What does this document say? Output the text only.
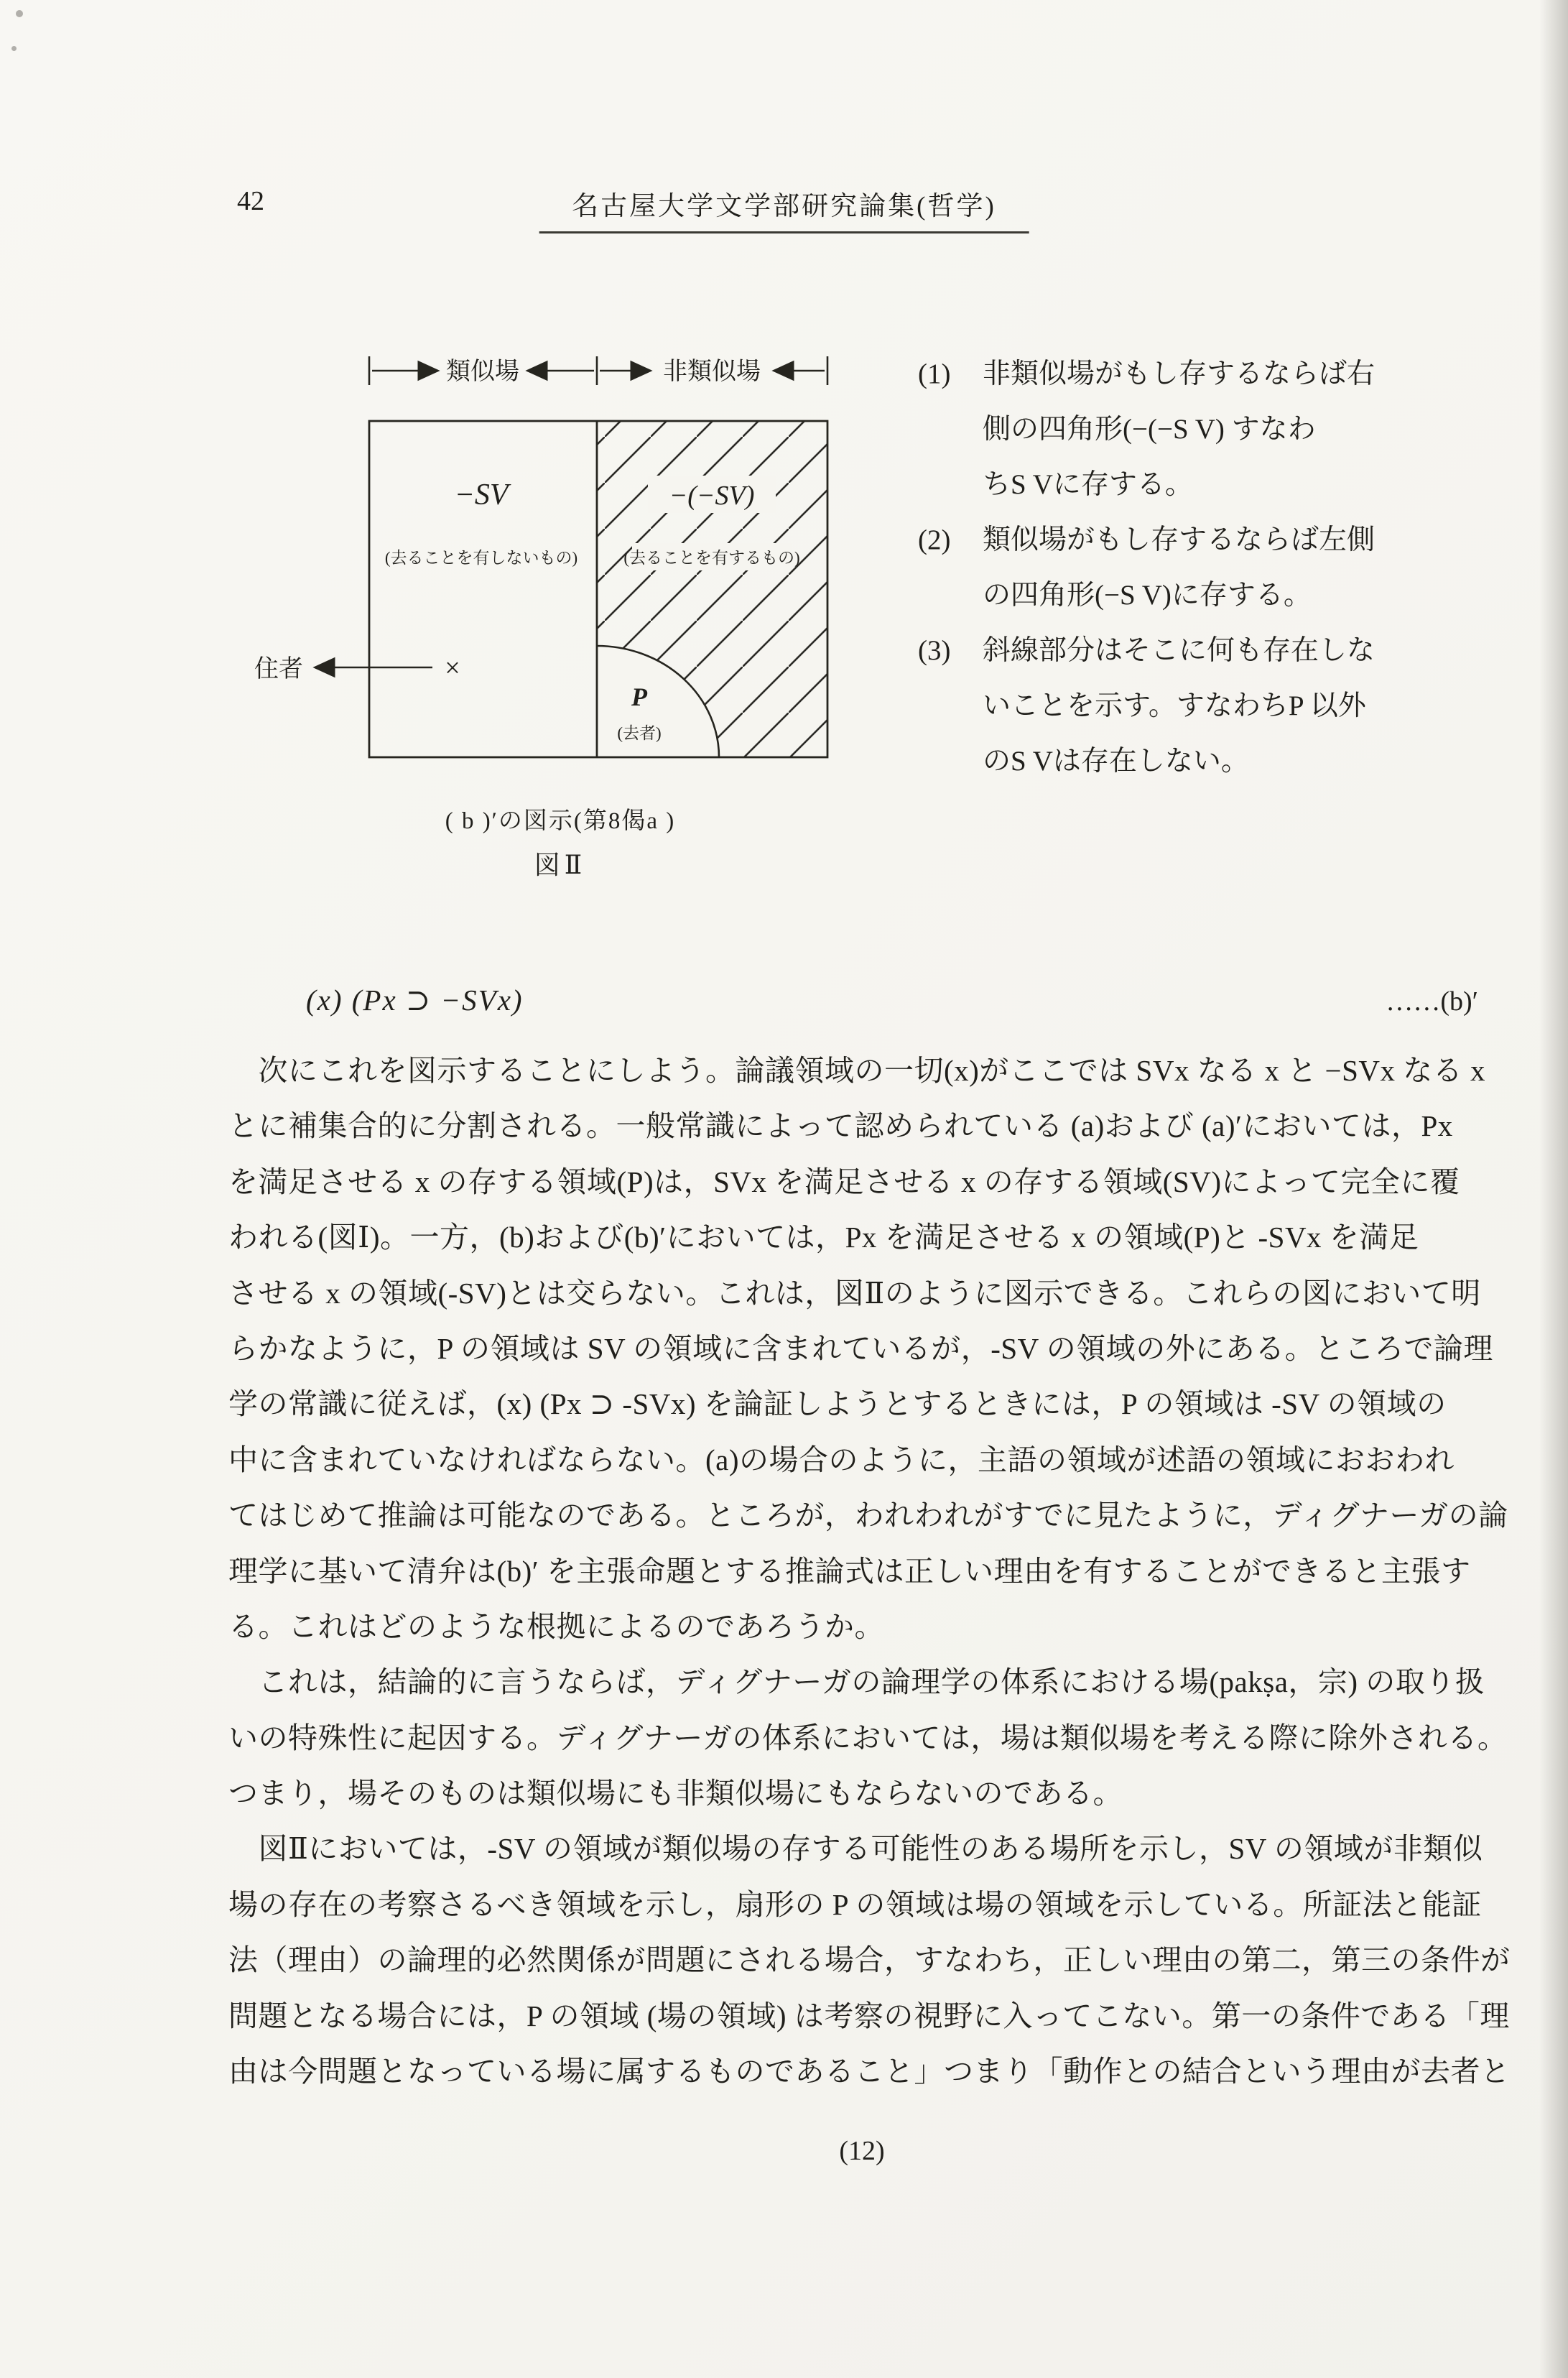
42	名古屋大学文学部研究論集(哲学)
類似場	非類似場
−SV
(去ることを有しないもの)
−(−SV)
(去ることを有するもの)
P
(去者)
住者	×
( b )′の図示(第8偈a )
図Ⅱ
(1)	非類似場がもし存するならば右
側の四角形(−(−S V) すなわ
ちS Vに存する。
(2)	類似場がもし存するならば左側
の四角形(−S V)に存する。
(3)	斜線部分はそこに何も存在しな
いことを示す。すなわちP 以外
のS Vは存在しない。
(x) (Px ⊃ −SVx)	……(b)′
　次にこれを図示することにしよう。論議領域の一切(x)がここでは SVx なる x と −SVx なる x
とに補集合的に分割される。一般常識によって認められている (a)および (a)′においては，Px
を満足させる x の存する領域(P)は，SVx を満足させる x の存する領域(SV)によって完全に覆
われる(図Ⅰ)。一方，(b)および(b)′においては，Px を満足させる x の領域(P)と -SVx を満足
させる x の領域(-SV)とは交らない。これは，図Ⅱのように図示できる。これらの図において明
らかなように，P の領域は SV の領域に含まれているが，-SV の領域の外にある。ところで論理
学の常識に従えば，(x) (Px ⊃ -SVx) を論証しようとするときには，P の領域は -SV の領域の
中に含まれていなければならない。(a)の場合のように，主語の領域が述語の領域におおわれ
てはじめて推論は可能なのである。ところが，われわれがすでに見たように，ディグナーガの論
理学に基いて清弁は(b)′ を主張命題とする推論式は正しい理由を有することができると主張す
る。これはどのような根拠によるのであろうか。
　これは，結論的に言うならば，ディグナーガの論理学の体系における場(pakṣa，宗) の取り扱
いの特殊性に起因する。ディグナーガの体系においては，場は類似場を考える際に除外される。
つまり，場そのものは類似場にも非類似場にもならないのである。
　図Ⅱにおいては，-SV の領域が類似場の存する可能性のある場所を示し，SV の領域が非類似
場の存在の考察さるべき領域を示し，扇形の P の領域は場の領域を示している。所証法と能証
法（理由）の論理的必然関係が問題にされる場合，すなわち，正しい理由の第二，第三の条件が
問題となる場合には，P の領域 (場の領域) は考察の視野に入ってこない。第一の条件である「理
由は今問題となっている場に属するものであること」つまり「動作との結合という理由が去者と
(12)
